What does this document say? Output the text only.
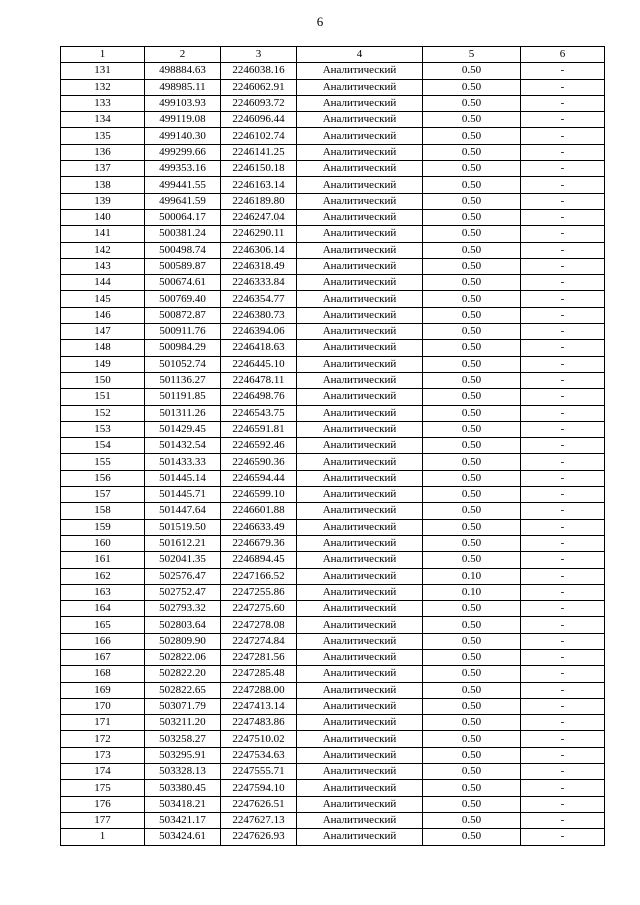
6
1	2	3	4	5	6
131	498884.63	2246038.16	Аналитический	0.50	-
132	498985.11	2246062.91	Аналитический	0.50	-
133	499103.93	2246093.72	Аналитический	0.50	-
134	499119.08	2246096.44	Аналитический	0.50	-
135	499140.30	2246102.74	Аналитический	0.50	-
136	499299.66	2246141.25	Аналитический	0.50	-
137	499353.16	2246150.18	Аналитический	0.50	-
138	499441.55	2246163.14	Аналитический	0.50	-
139	499641.59	2246189.80	Аналитический	0.50	-
140	500064.17	2246247.04	Аналитический	0.50	-
141	500381.24	2246290.11	Аналитический	0.50	-
142	500498.74	2246306.14	Аналитический	0.50	-
143	500589.87	2246318.49	Аналитический	0.50	-
144	500674.61	2246333.84	Аналитический	0.50	-
145	500769.40	2246354.77	Аналитический	0.50	-
146	500872.87	2246380.73	Аналитический	0.50	-
147	500911.76	2246394.06	Аналитический	0.50	-
148	500984.29	2246418.63	Аналитический	0.50	-
149	501052.74	2246445.10	Аналитический	0.50	-
150	501136.27	2246478.11	Аналитический	0.50	-
151	501191.85	2246498.76	Аналитический	0.50	-
152	501311.26	2246543.75	Аналитический	0.50	-
153	501429.45	2246591.81	Аналитический	0.50	-
154	501432.54	2246592.46	Аналитический	0.50	-
155	501433.33	2246590.36	Аналитический	0.50	-
156	501445.14	2246594.44	Аналитический	0.50	-
157	501445.71	2246599.10	Аналитический	0.50	-
158	501447.64	2246601.88	Аналитический	0.50	-
159	501519.50	2246633.49	Аналитический	0.50	-
160	501612.21	2246679.36	Аналитический	0.50	-
161	502041.35	2246894.45	Аналитический	0.50	-
162	502576.47	2247166.52	Аналитический	0.10	-
163	502752.47	2247255.86	Аналитический	0.10	-
164	502793.32	2247275.60	Аналитический	0.50	-
165	502803.64	2247278.08	Аналитический	0.50	-
166	502809.90	2247274.84	Аналитический	0.50	-
167	502822.06	2247281.56	Аналитический	0.50	-
168	502822.20	2247285.48	Аналитический	0.50	-
169	502822.65	2247288.00	Аналитический	0.50	-
170	503071.79	2247413.14	Аналитический	0.50	-
171	503211.20	2247483.86	Аналитический	0.50	-
172	503258.27	2247510.02	Аналитический	0.50	-
173	503295.91	2247534.63	Аналитический	0.50	-
174	503328.13	2247555.71	Аналитический	0.50	-
175	503380.45	2247594.10	Аналитический	0.50	-
176	503418.21	2247626.51	Аналитический	0.50	-
177	503421.17	2247627.13	Аналитический	0.50	-
1	503424.61	2247626.93	Аналитический	0.50	-
